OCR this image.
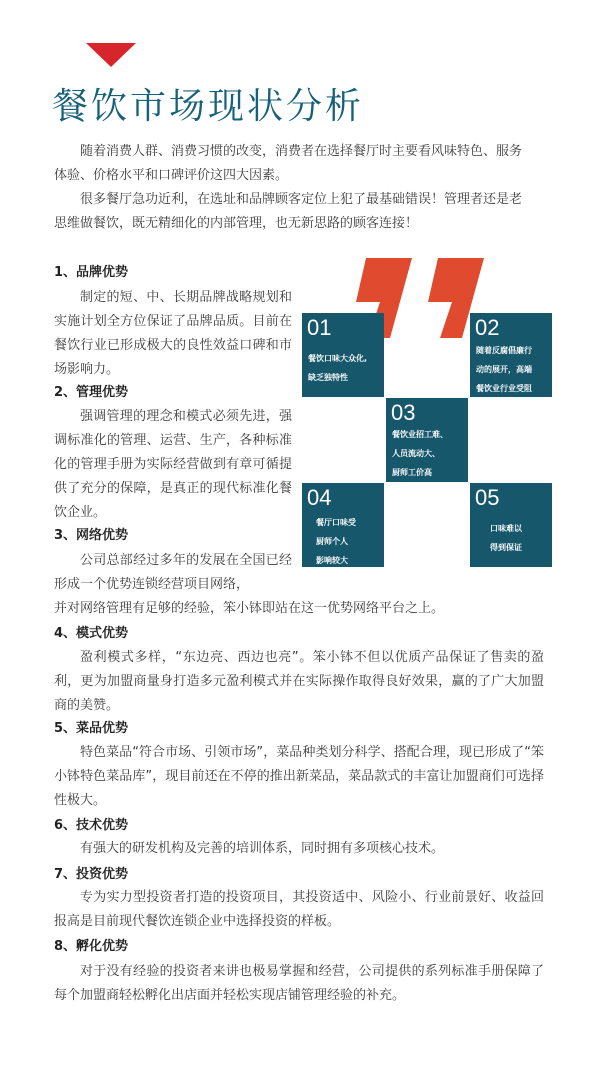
餐饮市场现状分析

随着消费人群、消费习惯的改变，消费者在选择餐厅时主要看风味特色、服务体验、价格水平和口碑评价这四大因素。

很多餐厅急功近利，在选址和品牌顾客定位上犯了最基础错误！管理者还是老思维做餐饮，既无精细化的内部管理，也无新思路的顾客连接！

1、品牌优势

制定的短、中、长期品牌战略规划和实施计划全方位保证了品牌品质。目前在餐饮行业已形成极大的良性效益口碑和市场影响力。

2、管理优势

强调管理的理念和模式必须先进，强调标准化的管理、运营、生产，各种标准化的管理手册为实际经营做到有章可循提供了充分的保障，是真正的现代标准化餐饮企业。

3、网络优势

公司总部经过多年的发展在全国已经形成一个优势连锁经营项目网络，

并对网络管理有足够的经验，笨小钵即站在这一优势网络平台之上。

4、模式优势

盈利模式多样，“东边亮、西边也亮”。笨小钵不但以优质产品保证了售卖的盈利，更为加盟商量身打造多元盈利模式并在实际操作取得良好效果，赢的了广大加盟商的美赞。

5、菜品优势

特色菜品“符合市场、引领市场”，菜品种类划分科学、搭配合理，现已形成了“笨小钵特色菜品库”，现目前还在不停的推出新菜品，菜品款式的丰富让加盟商们可选择性极大。

6、技术优势

有强大的研发机构及完善的培训体系，同时拥有多项核心技术。

7、投资优势

专为实力型投资者打造的投资项目，其投资适中、风险小、行业前景好、收益回报高是目前现代餐饮连锁企业中选择投资的样板。

8、孵化优势

对于没有经验的投资者来讲也极易掌握和经营，公司提供的系列标准手册保障了每个加盟商轻松孵化出店面并轻松实现店铺管理经验的补充。

01
餐饮口味大众化,
缺乏独特性
02
随着反腐倡廉行
动的展开，高端
餐饮业行业受阻
03
餐饮业招工难、
人员流动大、
厨师工价高
04
餐厅口味受
厨师个人
影响较大
05
口味难以
得到保证
